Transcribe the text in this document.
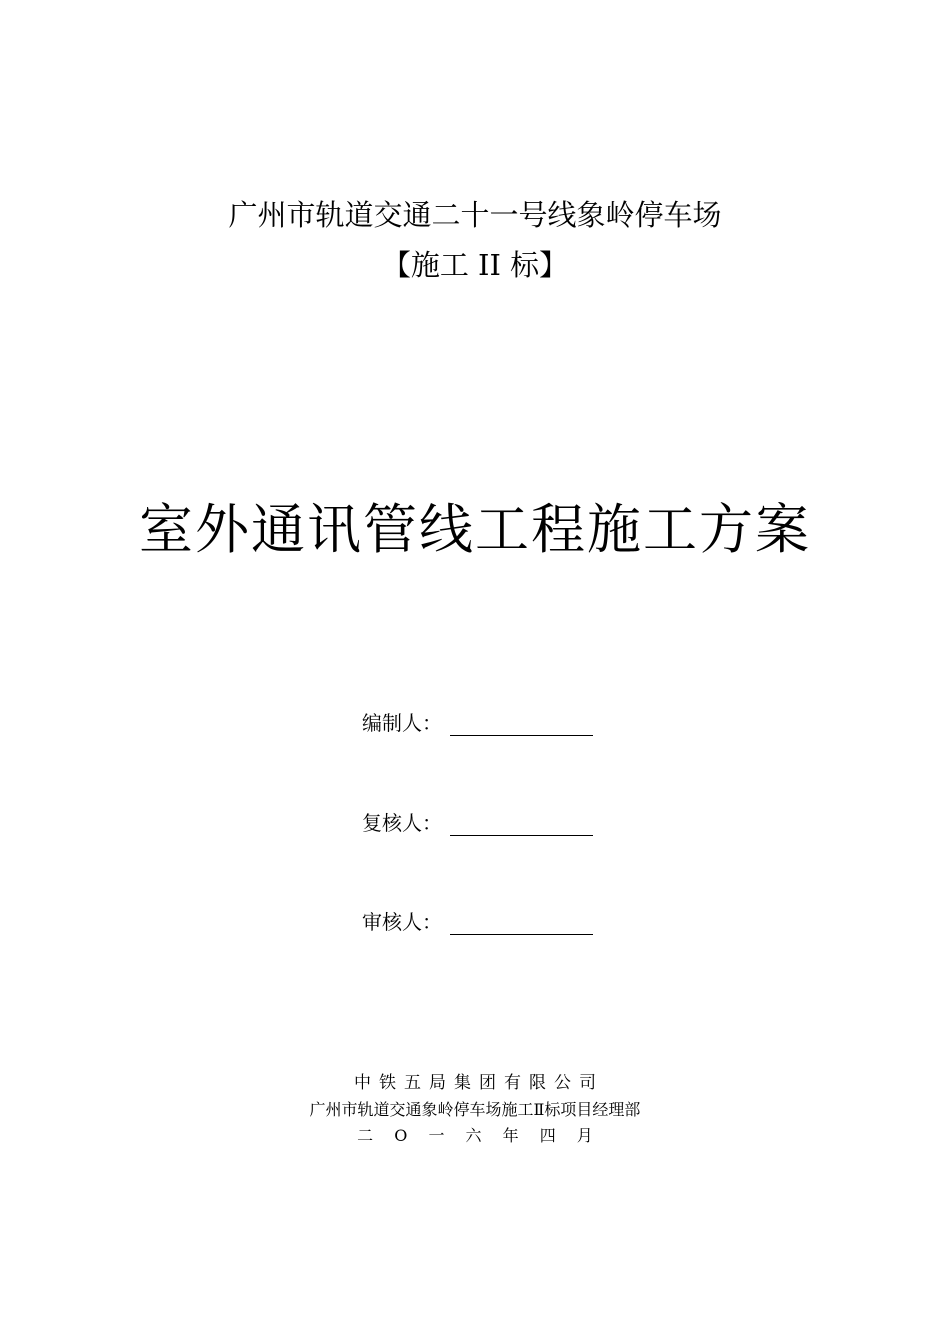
广州市轨道交通二十一号线象岭停车场
【施工 II 标】
室外通讯管线工程施工方案
编制人：
复核人：
审核人：
中铁五局集团有限公司
广州市轨道交通象岭停车场施工Ⅱ标项目经理部
二 O 一 六 年 四 月
